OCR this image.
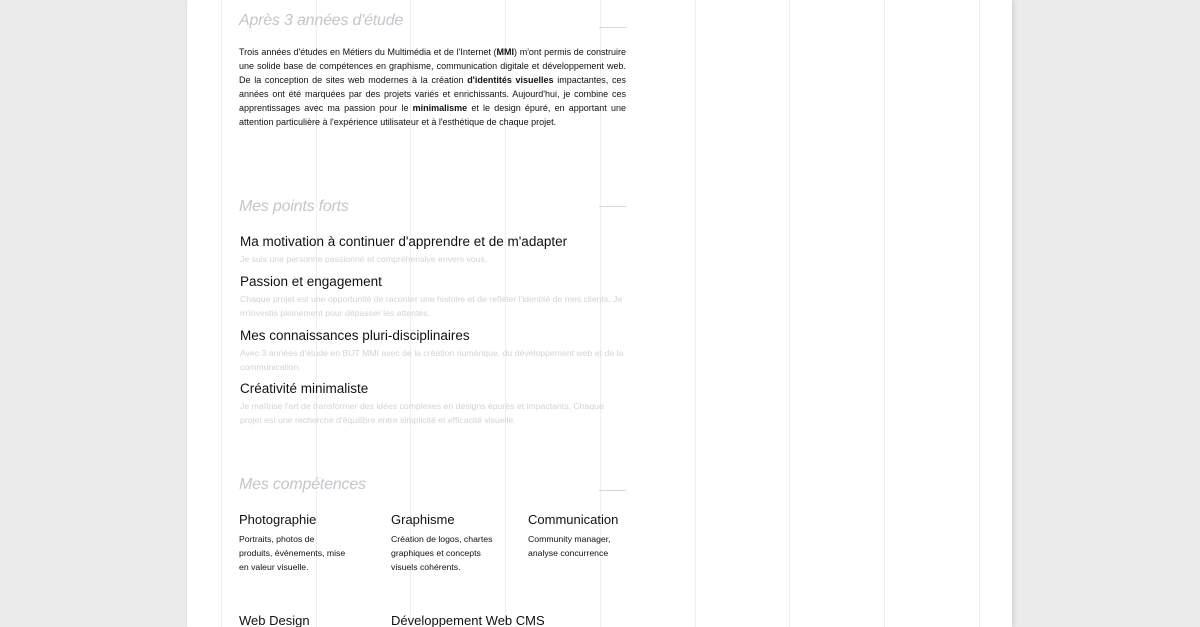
Après 3 années d'étude

Trois années d'études en Métiers du Multimédia et de l'Internet (MMI) m'ont permis de construire une solide base de compétences en graphisme, communication digitale et développement web. De la conception de sites web modernes à la création d'identités visuelles impactantes, ces années ont été marquées par des projets variés et enrichissants. Aujourd'hui, je combine ces apprentissages avec ma passion pour le minimalisme et le design épuré, en apportant une attention particulière à l'expérience utilisateur et à l'esthétique de chaque projet.

Mes points forts
Ma motivation à continuer d'apprendre et de m'adapter

Je suis une personne passionné et compréhensive envers vous.

Passion et engagement

Chaque projet est une opportunité de raconter une histoire et de refléter l'identité de mes clients. Je m'investis pleinement pour dépasser les attentes.

Mes connaissances pluri-disciplinaires

Avec 3 années d'étude en BUT MMI avec de la création numérique, du développement web et de la communication.

Créativité minimaliste

Je maîtrise l'art de transformer des idées complexes en designs épurés et impactants. Chaque projet est une recherche d'équilibre entre simplicité et efficacité visuelle.

Mes compétences
Photographie

Portraits, photos de produits, événements, mise en valeur visuelle.

Graphisme

Création de logos, chartes graphiques et concepts visuels cohérents.

Communication

Community manager, analyse concurrence

Web Design	Développement Web CMS
